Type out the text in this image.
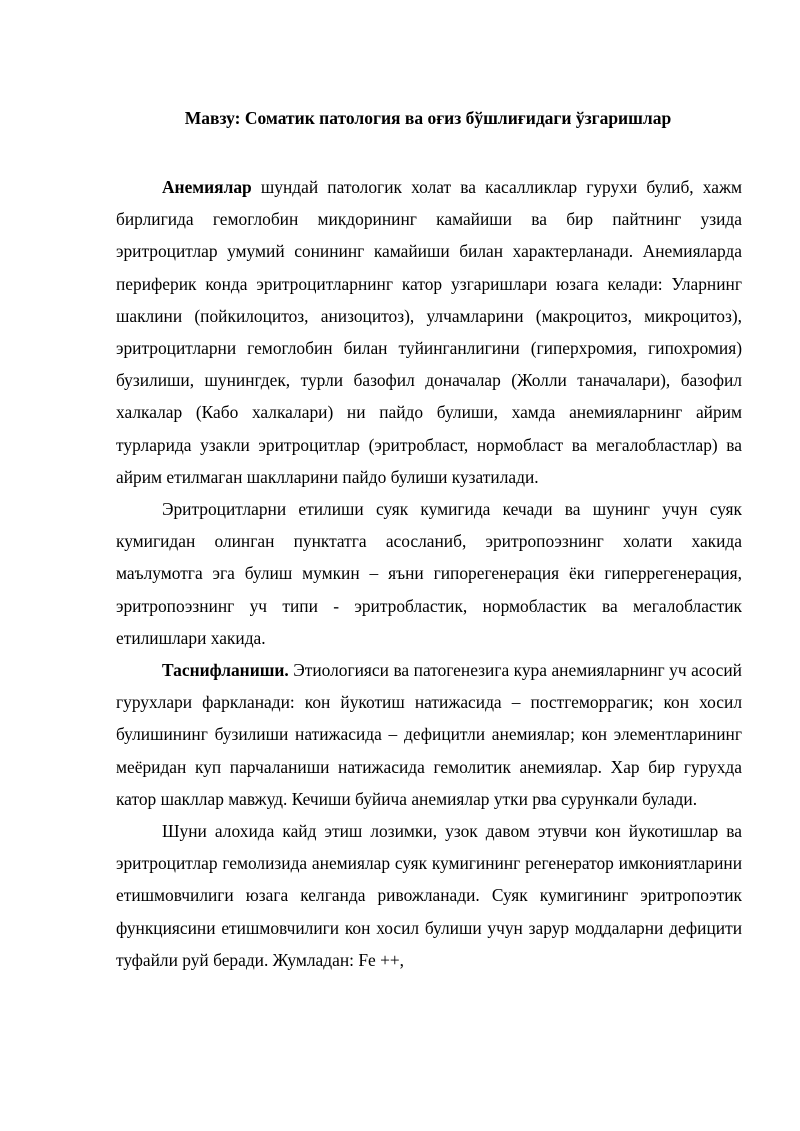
Мавзу: Соматик патология ва оғиз бўшлиғидаги ўзгаришлар

Анемиялар шундай патологик холат ва касалликлар гурухи булиб, хажм бирлигида гемоглобин микдорининг камайиши ва бир пайтнинг узида эритроцитлар умумий сонининг камайиши билан характерланади. Анемияларда периферик конда эритроцитларнинг катор узгаришлари юзага келади: Уларнинг шаклини (пойкилоцитоз, анизоцитоз), улчамларини (макроцитоз, микроцитоз), эритроцитларни гемоглобин билан туйинганлигини (гиперхромия, гипохромия) бузилиши, шунингдек, турли базофил доначалар (Жолли таначалари), базофил халкалар (Кабо халкалари) ни пайдо булиши, хамда анемияларнинг айрим турларида узакли эритроцитлар (эритробласт, нормобласт ва мегалобластлар) ва айрим етилмаган шаклларини пайдо булиши кузатилади.

Эритроцитларни етилиши суяк кумигида кечади ва шунинг учун суяк кумигидан олинган пунктатга асосланиб, эритропоэзнинг холати хакида маълумотга эга булиш мумкин – яъни гипорегенерация ёки гиперрегенерация, эритропоэзнинг уч типи - эритробластик, нормобластик ва мегалобластик етилишлари хакида.

Таснифланиши. Этиологияси ва патогенезига кура анемияларнинг уч асосий гурухлари фаркланади: кон йукотиш натижасида – постгеморрагик; кон хосил булишининг бузилиши натижасида – дефицитли анемиялар; кон элементларининг меёридан куп парчаланиши натижасида гемолитик анемиялар. Хар бир гурухда катор шакллар мавжуд. Кечиши буйича анемиялар утки рва сурункали булади.

Шуни алохида кайд этиш лозимки, узок давом этувчи кон йукотишлар ва эритроцитлар гемолизида анемиялар суяк кумигининг регенератор имкониятларини етишмовчилиги юзага келганда ривожланади. Суяк кумигининг эритропоэтик функциясини етишмовчилиги кон хосил булиши учун зарур моддаларни дефицити туфайли руй беради. Жумладан: Fe ++,
